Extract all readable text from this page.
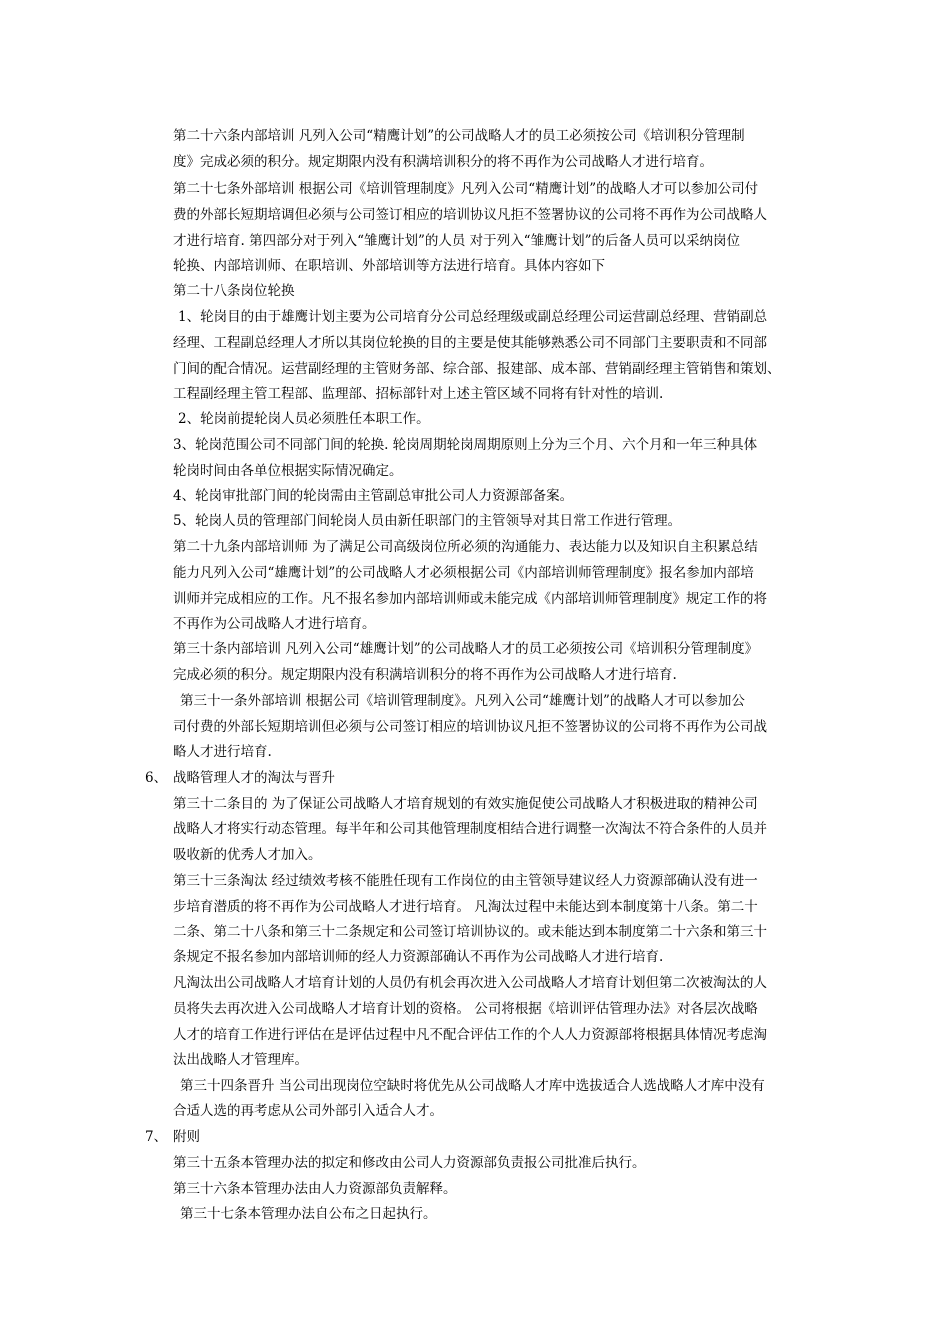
第二十六条内部培训 凡列入公司“精鹰计划”的公司战略人才的员工必须按公司《培训积分管理制
度》完成必须的积分。规定期限内没有积满培训积分的将不再作为公司战略人才进行培育。
第二十七条外部培训 根据公司《培训管理制度》凡列入公司“精鹰计划”的战略人才可以参加公司付
费的外部长短期培调但必须与公司签订相应的培训协议凡拒不签署协议的公司将不再作为公司战略人
才进行培育. 第四部分对于列入“雏鹰计划”的人员 对于列入“雏鹰计划”的后备人员可以采纳岗位
轮换、内部培训师、在职培训、外部培训等方法进行培育。具体内容如下
第二十八条岗位轮换
1、轮岗目的由于雄鹰计划主要为公司培育分公司总经理级或副总经理公司运营副总经理、营销副总
经理、工程副总经理人才所以其岗位轮换的目的主要是使其能够熟悉公司不同部门主要职责和不同部
门间的配合情况。运营副经理的主管财务部、综合部、报建部、成本部、营销副经理主管销售和策划、
工程副经理主管工程部、监理部、招标部针对上述主管区域不同将有针对性的培训.
2、轮岗前提轮岗人员必须胜任本职工作。
3、轮岗范围公司不同部门间的轮换. 轮岗周期轮岗周期原则上分为三个月、六个月和一年三种具体
轮岗时间由各单位根据实际情况确定。
4、轮岗审批部门间的轮岗需由主管副总审批公司人力资源部备案。
5、轮岗人员的管理部门间轮岗人员由新任职部门的主管领导对其日常工作进行管理。
第二十九条内部培训师 为了满足公司高级岗位所必须的沟通能力、表达能力以及知识自主积累总结
能力凡列入公司“雄鹰计划”的公司战略人才必须根据公司《内部培训师管理制度》报名参加内部培
训师并完成相应的工作。凡不报名参加内部培训师或未能完成《内部培训师管理制度》规定工作的将
不再作为公司战略人才进行培育。
第三十条内部培训 凡列入公司“雄鹰计划”的公司战略人才的员工必须按公司《培训积分管理制度》
完成必须的积分。规定期限内没有积满培训积分的将不再作为公司战略人才进行培育.
第三十一条外部培训 根据公司《培训管理制度》。凡列入公司“雄鹰计划”的战略人才可以参加公
司付费的外部长短期培训但必须与公司签订相应的培训协议凡拒不签署协议的公司将不再作为公司战
略人才进行培育.
6、 战略管理人才的淘汰与晋升
第三十二条目的 为了保证公司战略人才培育规划的有效实施促使公司战略人才积极进取的精神公司
战略人才将实行动态管理。每半年和公司其他管理制度相结合进行调整一次淘汰不符合条件的人员并
吸收新的优秀人才加入。
第三十三条淘汰 经过绩效考核不能胜任现有工作岗位的由主管领导建议经人力资源部确认没有进一
步培育潜质的将不再作为公司战略人才进行培育。 凡淘汰过程中未能达到本制度第十八条。第二十
二条、第二十八条和第三十二条规定和公司签订培训协议的。或未能达到本制度第二十六条和第三十
条规定不报名参加内部培训师的经人力资源部确认不再作为公司战略人才进行培育.
凡淘汰出公司战略人才培育计划的人员仍有机会再次进入公司战略人才培育计划但第二次被淘汰的人
员将失去再次进入公司战略人才培育计划的资格。 公司将根据《培训评估管理办法》对各层次战略
人才的培育工作进行评估在是评估过程中凡不配合评估工作的个人人力资源部将根据具体情况考虑淘
汰出战略人才管理库。
第三十四条晋升 当公司出现岗位空缺时将优先从公司战略人才库中选拔适合人选战略人才库中没有
合适人选的再考虑从公司外部引入适合人才。
7、 附则
第三十五条本管理办法的拟定和修改由公司人力资源部负责报公司批准后执行。
第三十六条本管理办法由人力资源部负责解释。
第三十七条本管理办法自公布之日起执行。
